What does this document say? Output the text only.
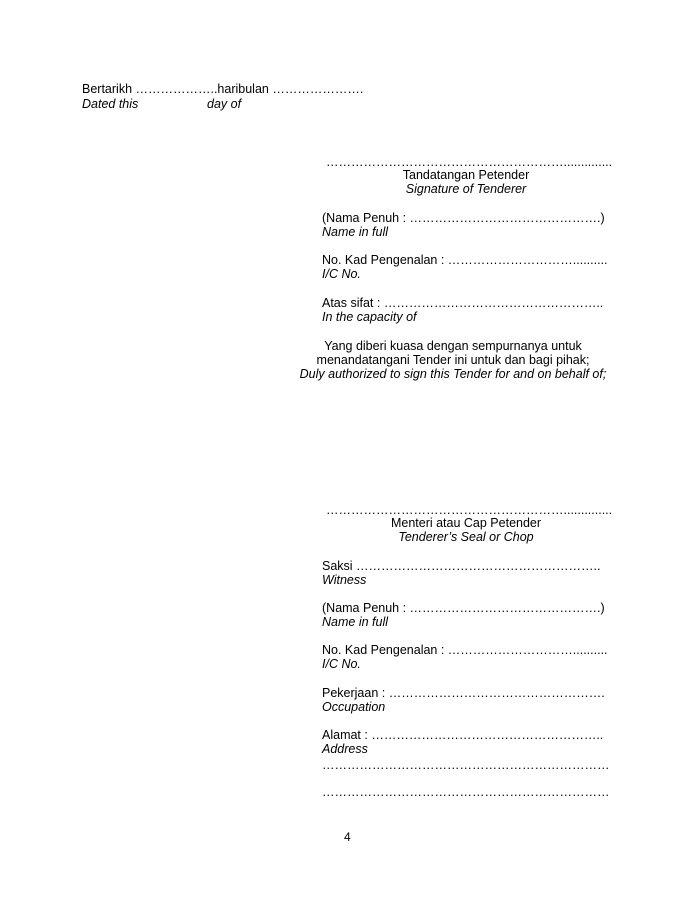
Bertarikh ………………..haribulan ………………….
Dated this	day of
…………………………………………………..............
Tandatangan Petender
Signature of Tenderer
(Nama Penuh : ……………………………………….)
Name in full
No. Kad Pengenalan : …………………………..........
I/C No.
Atas sifat : ……………………………………………..
In the capacity of
Yang diberi kuasa dengan sempurnanya untuk
menandatangani Tender ini untuk dan bagi pihak;
Duly authorized to sign this Tender for and on behalf of;
…………………………………………………..............
Menteri atau Cap Petender
Tenderer’s Seal or Chop
Saksi …………………………………………………..
Witness
(Nama Penuh : ……………………………………….)
Name in full
No. Kad Pengenalan : …………………………..........
I/C No.
Pekerjaan : …………………………………………….
Occupation
Alamat : ………………………………………………..
Address
……………………………………………………………
……………………………………………………………
4
